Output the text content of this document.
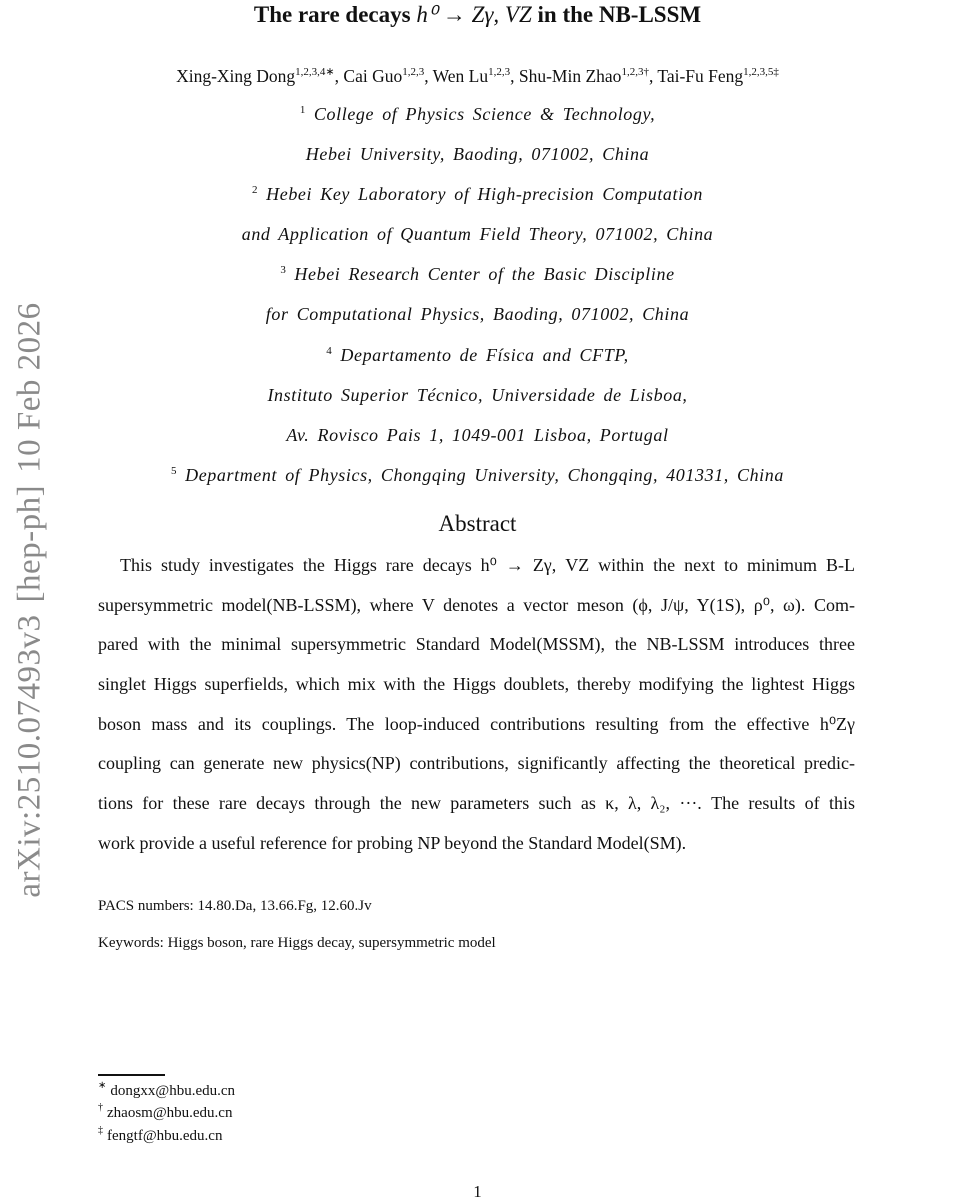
arXiv:2510.07493v3[hep-ph]10 Feb 2026
The rare decays h⁰ → Zγ, VZ in the NB-LSSM
Xing-Xing Dong$^{1,2,3,4∗}$, Cai Guo$^{1,2,3}$, Wen Lu$^{1,2,3}$, Shu-Min Zhao$^{1,2,3\dagger}$, Tai-Fu Feng$^{1,2,3,5\ddagger}$
$^1$ College of Physics Science & Technology,
Hebei University, Baoding, 071002, China
$^2$ Hebei Key Laboratory of High-precision Computation
and Application of Quantum Field Theory, 071002, China
$^3$ Hebei Research Center of the Basic Discipline
for Computational Physics, Baoding, 071002, China
$^4$ Departamento de Física and CFTP,
Instituto Superior Técnico, Universidade de Lisboa,
Av. Rovisco Pais 1, 1049-001 Lisboa, Portugal
$^5$ Department of Physics, Chongqing University, Chongqing, 401331, China
Abstract
This study investigates the Higgs rare decays h⁰ → Zγ, VZ within the next to minimum B-L
supersymmetric model(NB-LSSM), where V denotes a vector meson (ϕ, J/ψ, Υ(1S), ρ⁰, ω). Com-
pared with the minimal supersymmetric Standard Model(MSSM), the NB-LSSM introduces three
singlet Higgs superfields, which mix with the Higgs doublets, thereby modifying the lightest Higgs
boson mass and its couplings. The loop-induced contributions resulting from the effective h⁰Zγ
coupling can generate new physics(NP) contributions, significantly affecting the theoretical predic-
tions for these rare decays through the new parameters such as κ, λ, λ₂, ···. The results of this
work provide a useful reference for probing NP beyond the Standard Model(SM).
PACS numbers: 14.80.Da, 13.66.Fg, 12.60.Jv
Keywords: Higgs boson, rare Higgs decay, supersymmetric model
∗ dongxx@hbu.edu.cn
† zhaosm@hbu.edu.cn
‡ fengtf@hbu.edu.cn
1
